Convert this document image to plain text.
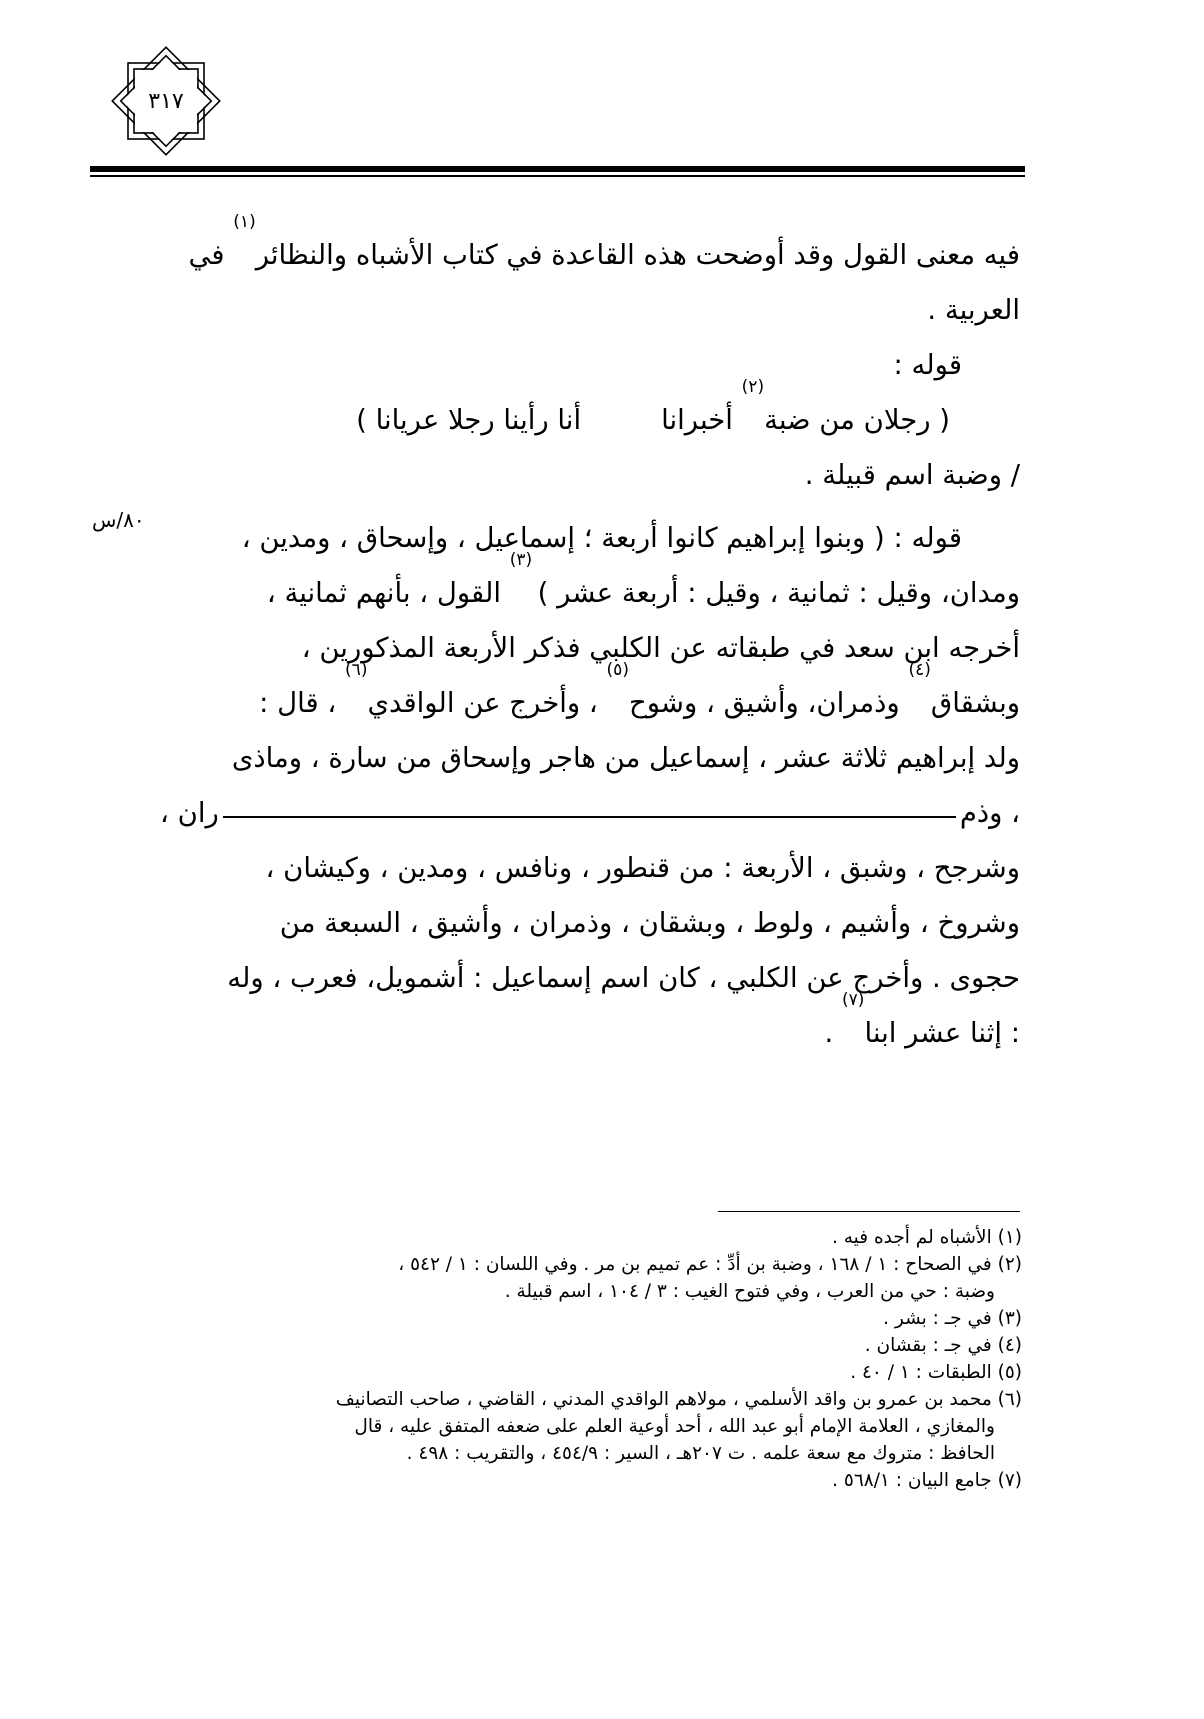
٣١٧
٨٠/س

فيه معنى القول وقد أوضحت هذه القاعدة في كتاب الأشباه والنظائر$^{(١)}$ في

العربية .

قوله :

( رجلان من ضبة$^{(٢)}$ أخبرانا
أنا رأينا رجلا عريانا )

/ وضبة اسم قبيلة .

قوله : ( وبنوا إبراهيم كانوا أربعة ؛ إسماعيل ، وإسحاق ، ومدين ،

ومدان، وقيل : ثمانية ، وقيل : أربعة عشر ) $^{(٣)}$ القول ، بأنهم ثمانية ،

أخرجه ابن سعد في طبقاته عن الكلبي فذكر الأربعة المذكورين ،

وبشقاق$^{(٤)}$ وذمران، وأشيق ، وشوح$^{(٥)}$ ، وأخرج عن الواقدي$^{(٦)}$ ، قال :

ولد إبراهيم ثلاثة عشر ، إسماعيل من هاجر وإسحاق من سارة ، وماذى

، وذم
ران ،

وشرجح ، وشبق ، الأربعة : من قنطور ، ونافس ، ومدين ، وكيشان ،

وشروخ ، وأشيم ، ولوط ، وبشقان ، وذمران ، وأشيق ، السبعة من

حجوى . وأخرج عن الكلبي ، كان اسم إسماعيل : أشمويل، فعرب ، وله

: إثنا عشر ابنا$^{(٧)}$ .

(١) الأشباه لم أجده فيه .

(٢) في الصحاح : ١ / ١٦٨ ، وضبة بن أدِّ : عم تميم بن مر . وفي اللسان : ١ / ٥٤٢ ،
وضبة : حي من العرب ، وفي فتوح الغيب : ٣ / ١٠٤ ، اسم قبيلة .

(٣) في جـ : بشر .

(٤) في جـ : بقشان .

(٥) الطبقات : ١ / ٤٠ .

(٦) محمد بن عمرو بن واقد الأسلمي ، مولاهم الواقدي المدني ، القاضي ، صاحب التصانيف
والمغازي ، العلامة الإمام أبو عبد الله ، أحد أوعية العلم على ضعفه المتفق عليه ، قال
الحافظ : متروك مع سعة علمه . ت ٢٠٧هـ ، السير : ٤٥٤/٩ ، والتقريب : ٤٩٨ .

(٧) جامع البيان : ٥٦٨/١ .
